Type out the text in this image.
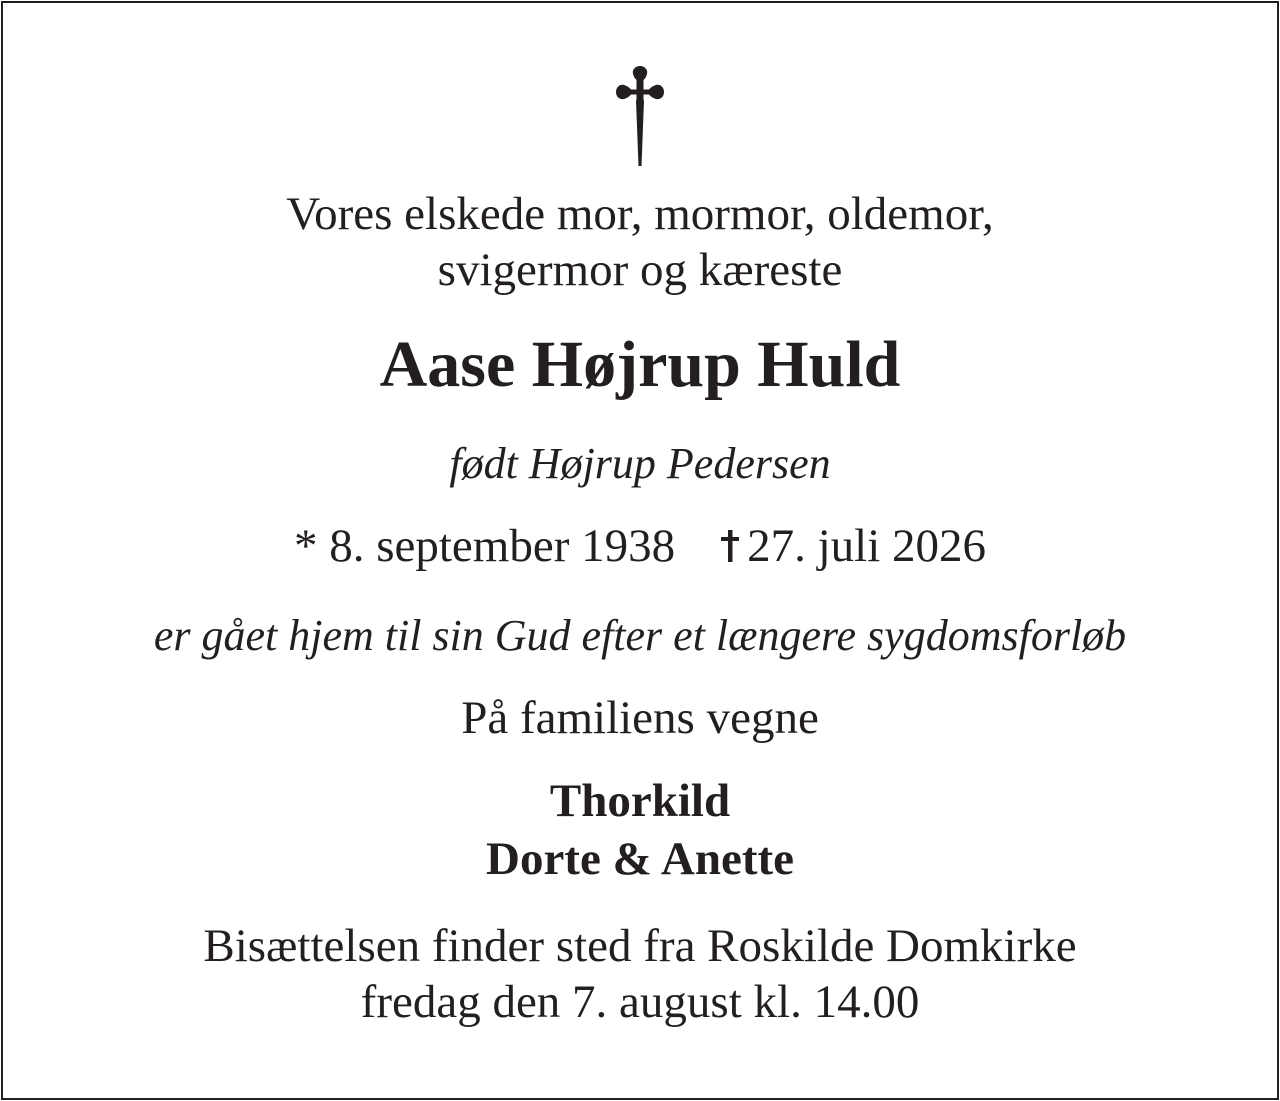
Vores elskede mor, mormor, oldemor,
svigermor og kæreste
Aase Højrup Huld
født Højrup Pedersen
* 8. september 1938 27. juli 2026
er gået hjem til sin Gud efter et længere sygdomsforløb
På familiens vegne
Thorkild
Dorte & Anette
Bisættelsen finder sted fra Roskilde Domkirke
fredag den 7. august kl. 14.00
